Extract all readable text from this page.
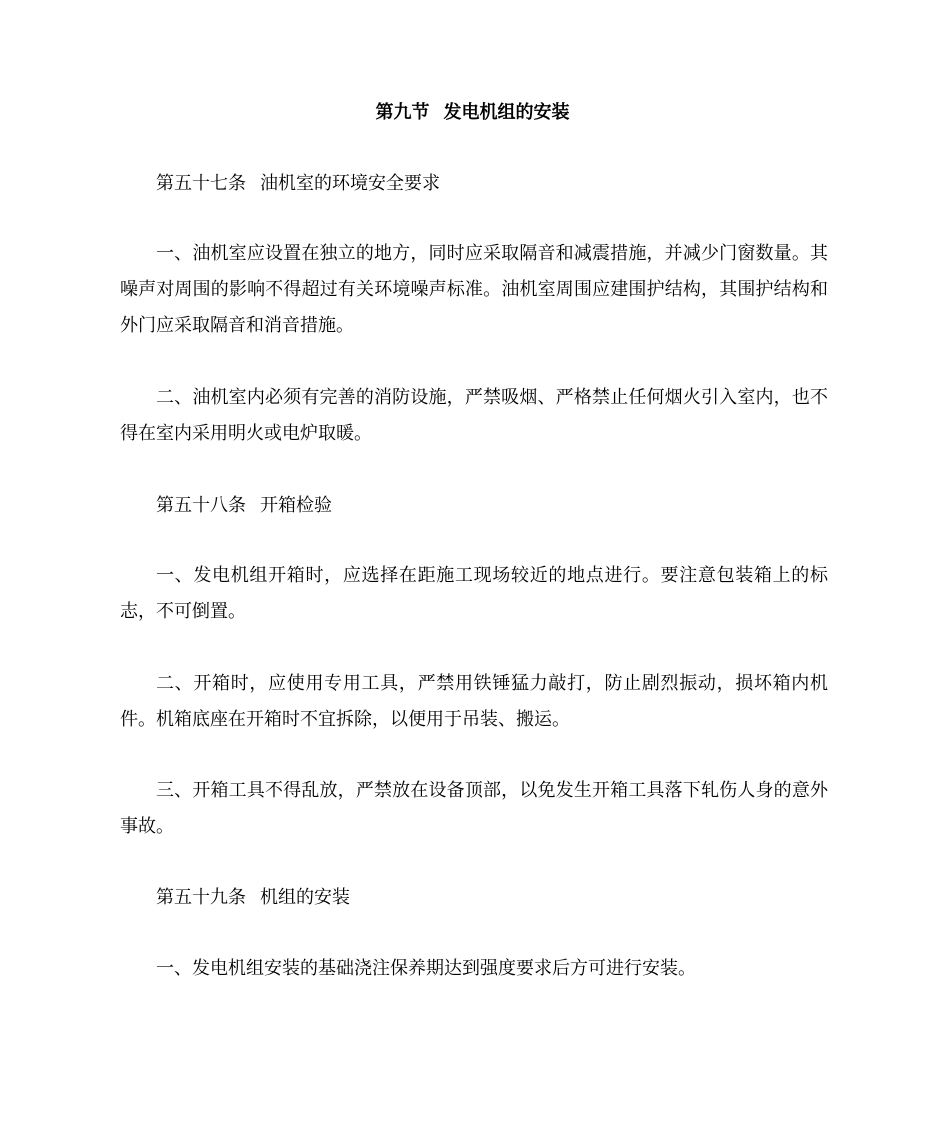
第九节 发电机组的安装
第五十七条 油机室的环境安全要求
一、油机室应设置在独立的地方，同时应采取隔音和减震措施，并减少门窗数量。其噪声对周围的影响不得超过有关环境噪声标准。油机室周围应建围护结构，其围护结构和外门应采取隔音和消音措施。
二、油机室内必须有完善的消防设施，严禁吸烟、严格禁止任何烟火引入室内，也不得在室内采用明火或电炉取暖。
第五十八条 开箱检验
一、发电机组开箱时，应选择在距施工现场较近的地点进行。要注意包装箱上的标志，不可倒置。
二、开箱时，应使用专用工具，严禁用铁锤猛力敲打，防止剧烈振动，损坏箱内机件。机箱底座在开箱时不宜拆除，以便用于吊装、搬运。
三、开箱工具不得乱放，严禁放在设备顶部，以免发生开箱工具落下轧伤人身的意外事故。
第五十九条 机组的安装
一、发电机组安装的基础浇注保养期达到强度要求后方可进行安装。
